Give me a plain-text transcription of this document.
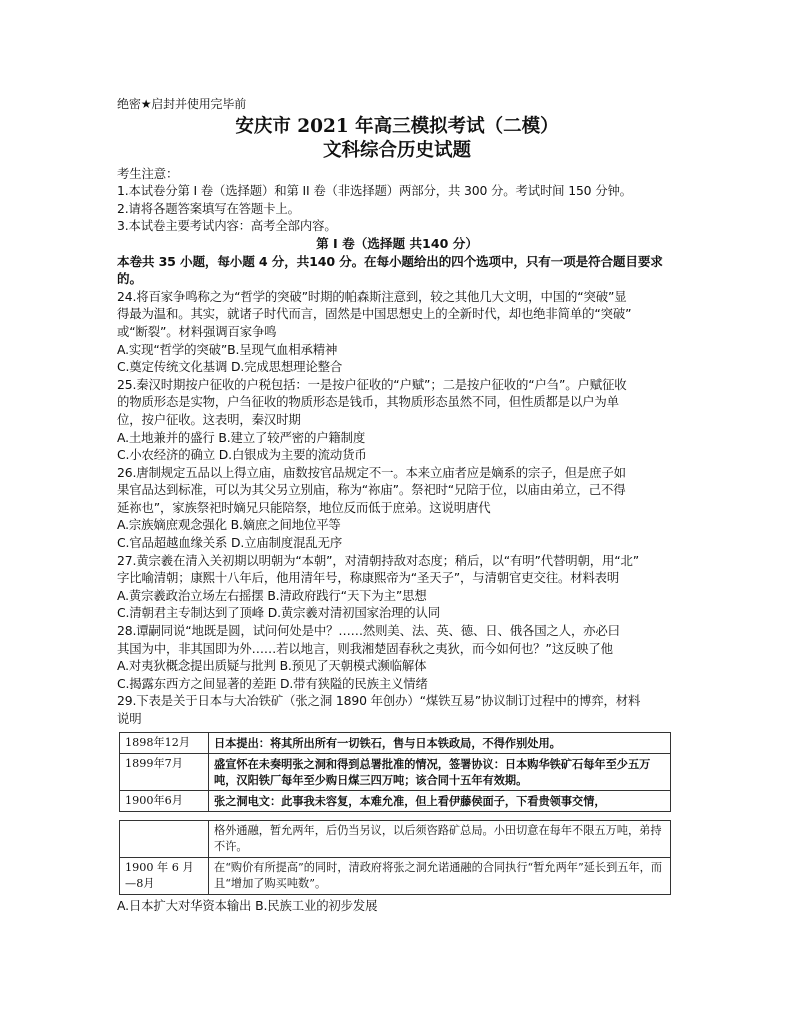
绝密★启封并使用完毕前
安庆市 2021 年高三模拟考试（二模）
文科综合历史试题
考生注意：
1.本试卷分第 I 卷（选择题）和第 II 卷（非选择题）两部分，共 300 分。考试时间 150 分钟。
2.请将各题答案填写在答题卡上。
3.本试卷主要考试内容：高考全部内容。
第 I 卷（选择题 共140 分）
本卷共 35 小题，每小题 4 分，共140 分。在每小题给出的四个选项中，只有一项是符合题目要求的。
24.将百家争鸣称之为“哲学的突破”时期的帕森斯注意到，较之其他几大文明，中国的“突破”显
得最为温和。其实，就诸子时代而言，固然是中国思想史上的全新时代，却也绝非简单的“突破”
或“断裂”。材料强调百家争鸣
A.实现“哲学的突破”B.呈现气血相承精神
C.奠定传统文化基调 D.完成思想理论整合
25.秦汉时期按户征收的户税包括：一是按户征收的“户赋”；二是按户征收的“户刍”。户赋征收
的物质形态是实物，户刍征收的物质形态是钱币，其物质形态虽然不同，但性质都是以户为单
位，按户征收。这表明，秦汉时期
A.土地兼并的盛行 B.建立了较严密的户籍制度
C.小农经济的确立 D.白银成为主要的流动货币
26.唐制规定五品以上得立庙，庙数按官品规定不一。本来立庙者应是嫡系的宗子，但是庶子如
果官品达到标准，可以为其父另立别庙，称为“祢庙”。祭祀时“兄陪于位，以庙由弟立，己不得
延祢也”，家族祭祀时嫡兄只能陪祭，地位反而低于庶弟。这说明唐代
A.宗族嫡庶观念强化 B.嫡庶之间地位平等
C.官品超越血缘关系 D.立庙制度混乱无序
27.黄宗羲在清入关初期以明朝为“本朝”，对清朝持敌对态度；稍后，以“有明”代替明朝，用“北”
字比喻清朝；康熙十八年后，他用清年号，称康熙帝为“圣天子”，与清朝官吏交往。材料表明
A.黄宗羲政治立场左右摇摆 B.清政府践行“天下为主”思想
C.清朝君主专制达到了顶峰 D.黄宗羲对清初国家治理的认同
28.谭嗣同说“地既是圆，试问何处是中？……然则美、法、英、德、日、俄各国之人，亦必曰
其国为中，非其国即为外……若以地言，则我湘楚固春秋之夷狄，而今如何也？”这反映了他
A.对夷狄概念提出质疑与批判 B.预见了天朝模式濒临解体
C.揭露东西方之间显著的差距 D.带有狭隘的民族主义情绪
29.下表是关于日本与大冶铁矿（张之洞 1890 年创办）“煤铁互易”协议制订过程中的博弈，材料
说明
1898年12月	日本提出：将其所出所有一切铁石，售与日本铁政局，不得作别处用。
1899年7月	盛宣怀在未奏明张之洞和得到总署批准的情况，签署协议：日本购华铁矿石每年至少五万吨，汉阳铁厂每年至少购日煤三四万吨；该合同十五年有效期。
1900年6月	张之洞电文：此事我未容复，本难允准，但上看伊藤侯面子，下看贵领事交情，
	格外通融，暂允两年，后仍当另议，以后须咨路矿总局。小田切意在每年不限五万吨，弟持不许。
1900 年 6 月—8月	在“购价有所提高”的同时，清政府将张之洞允诺通融的合同执行“暂允两年”延长到五年，而且“增加了购买吨数”。
A.日本扩大对华资本输出 B.民族工业的初步发展
